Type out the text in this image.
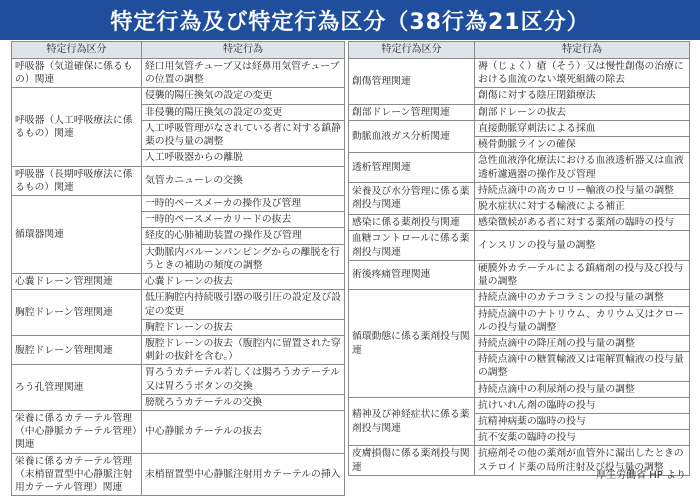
特定行為及び特定行為区分（38行為21区分）
特定行為区分	特定行為
呼吸器（気道確保に係るもの）関連	経口用気管チューブ又は経鼻用気管チューブの位置の調整
呼吸器（人工呼吸療法に係るもの）関連	侵襲的陽圧換気の設定の変更
	非侵襲的陽圧換気の設定の変更
	人工呼吸管理がなされている者に対する鎮静薬の投与量の調整
	人工呼吸器からの離脱
呼吸器（長期呼吸療法に係るもの）関連	気管カニューレの交換
循環器関連	一時的ペースメーカの操作及び管理
	一時的ペースメーカリードの抜去
	経皮的心肺補助装置の操作及び管理
	大動脈内バルーンパンピングからの離脱を行うときの補助の頻度の調整
心嚢ドレーン管理関連	心嚢ドレーンの抜去
胸腔ドレーン管理関連	低圧胸腔内持続吸引器の吸引圧の設定及び設定の変更
	胸腔ドレーンの抜去
腹腔ドレーン管理関連	腹腔ドレーンの抜去（腹腔内に留置された穿刺針の抜針を含む。）
ろう孔管理関連	胃ろうカテーテル若しくは腸ろうカテーテル又は胃ろうボタンの交換
	膀胱ろうカテーテルの交換
栄養に係るカテーテル管理（中心静脈カテーテル管理）関連	中心静脈カテーテルの抜去
栄養に係るカテーテル管理（末梢留置型中心静脈注射用カテーテル管理）関連	末梢留置型中心静脈注射用カテーテルの挿入
特定行為区分	特定行為
創傷管理関連	褥（じょく）瘡（そう）又は慢性創傷の治療における血流のない壊死組織の除去
	創傷に対する陰圧閉鎖療法
創部ドレーン管理関連	創部ドレーンの抜去
動脈血液ガス分析関連	直接動脈穿刺法による採血
	橈骨動脈ラインの確保
透析管理関連	急性血液浄化療法における血液透析器又は血液透析濾過器の操作及び管理
栄養及び水分管理に係る薬剤投与関連	持続点滴中の高カロリー輸液の投与量の調整
	脱水症状に対する輸液による補正
感染に係る薬剤投与関連	感染徴候がある者に対する薬剤の臨時の投与
血糖コントロールに係る薬剤投与関連	インスリンの投与量の調整
術後疼痛管理関連	硬膜外カテーテルによる鎮痛剤の投与及び投与量の調整
循環動態に係る薬剤投与関連	持続点滴中のカテコラミンの投与量の調整
	持続点滴中のナトリウム、カリウム又はクロールの投与量の調整
	持続点滴中の降圧剤の投与量の調整
	持続点滴中の糖質輸液又は電解質輸液の投与量の調整
	持続点滴中の利尿剤の投与量の調整
精神及び神経症状に係る薬剤投与関連	抗けいれん剤の臨時の投与
	抗精神病薬の臨時の投与
	抗不安薬の臨時の投与
皮膚損傷に係る薬剤投与関連	抗癌剤その他の薬剤が血管外に漏出したときのステロイド薬の局所注射及び投与量の調整
厚生労働省 HP より
